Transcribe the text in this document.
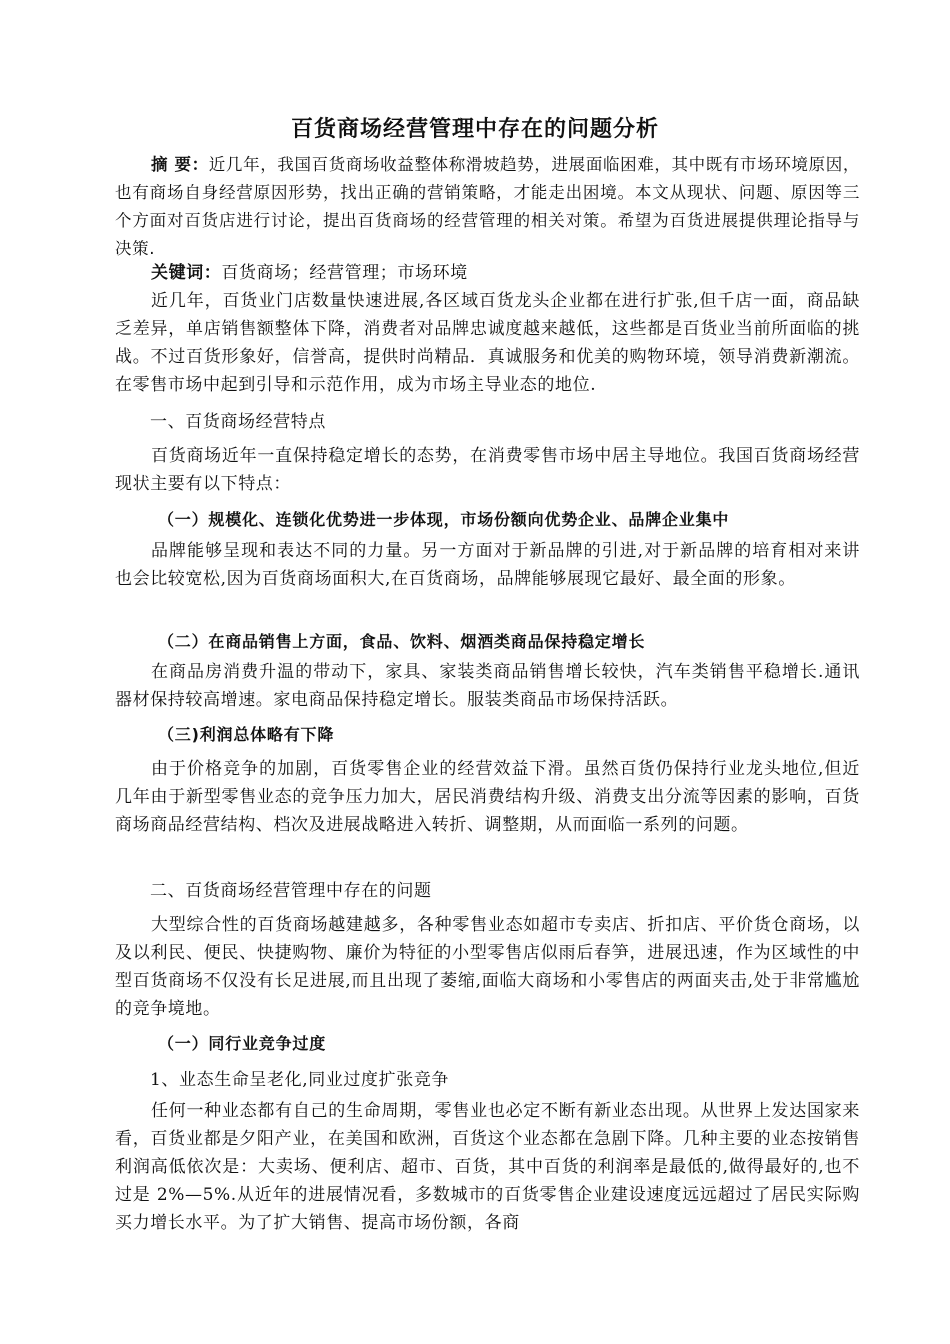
百货商场经营管理中存在的问题分析
摘 要：近几年，我国百货商场收益整体称滑坡趋势，进展面临困难，其中既有市场环境原因，也有商场自身经营原因形势，找出正确的营销策略，才能走出困境。本文从现状、问题、原因等三个方面对百货店进行讨论，提出百货商场的经营管理的相关对策。希望为百货进展提供理论指导与决策.
关键词：百货商场；经营管理；市场环境

近几年，百货业门店数量快速进展,各区域百货龙头企业都在进行扩张,但千店一面，商品缺乏差异，单店销售额整体下降，消费者对品牌忠诚度越来越低，这些都是百货业当前所面临的挑战。不过百货形象好，信誉高，提供时尚精品．真诚服务和优美的购物环境，领导消费新潮流。在零售市场中起到引导和示范作用，成为市场主导业态的地位.

一、百货商场经营特点

百货商场近年一直保持稳定增长的态势，在消费零售市场中居主导地位。我国百货商场经营现状主要有以下特点：

（一）规模化、连锁化优势进一步体现，市场份额向优势企业、品牌企业集中

品牌能够呈现和表达不同的力量。另一方面对于新品牌的引进,对于新品牌的培育相对来讲也会比较宽松,因为百货商场面积大,在百货商场，品牌能够展现它最好、最全面的形象。

（二）在商品销售上方面，食品、饮料、烟酒类商品保持稳定增长

在商品房消费升温的带动下，家具、家装类商品销售增长较快，汽车类销售平稳增长.通讯器材保持较高增速。家电商品保持稳定增长。服装类商品市场保持活跃。

（三)利润总体略有下降

由于价格竞争的加剧，百货零售企业的经营效益下滑。虽然百货仍保持行业龙头地位,但近几年由于新型零售业态的竞争压力加大，居民消费结构升级、消费支出分流等因素的影响，百货商场商品经营结构、档次及进展战略进入转折、调整期，从而面临一系列的问题。

二、百货商场经营管理中存在的问题

大型综合性的百货商场越建越多，各种零售业态如超市专卖店、折扣店、平价货仓商场，以及以利民、便民、快捷购物、廉价为特征的小型零售店似雨后春笋，进展迅速，作为区域性的中型百货商场不仅没有长足进展,而且出现了萎缩,面临大商场和小零售店的两面夹击,处于非常尴尬的竞争境地。

（一）同行业竞争过度
1、业态生命呈老化,同业过度扩张竞争

任何一种业态都有自己的生命周期，零售业也必定不断有新业态出现。从世界上发达国家来看，百货业都是夕阳产业，在美国和欧洲，百货这个业态都在急剧下降。几种主要的业态按销售利润高低依次是：大卖场、便利店、超市、百货，其中百货的利润率是最低的,做得最好的,也不过是 2%—5%.从近年的进展情况看，多数城市的百货零售企业建设速度远远超过了居民实际购买力增长水平。为了扩大销售、提高市场份额，各商
